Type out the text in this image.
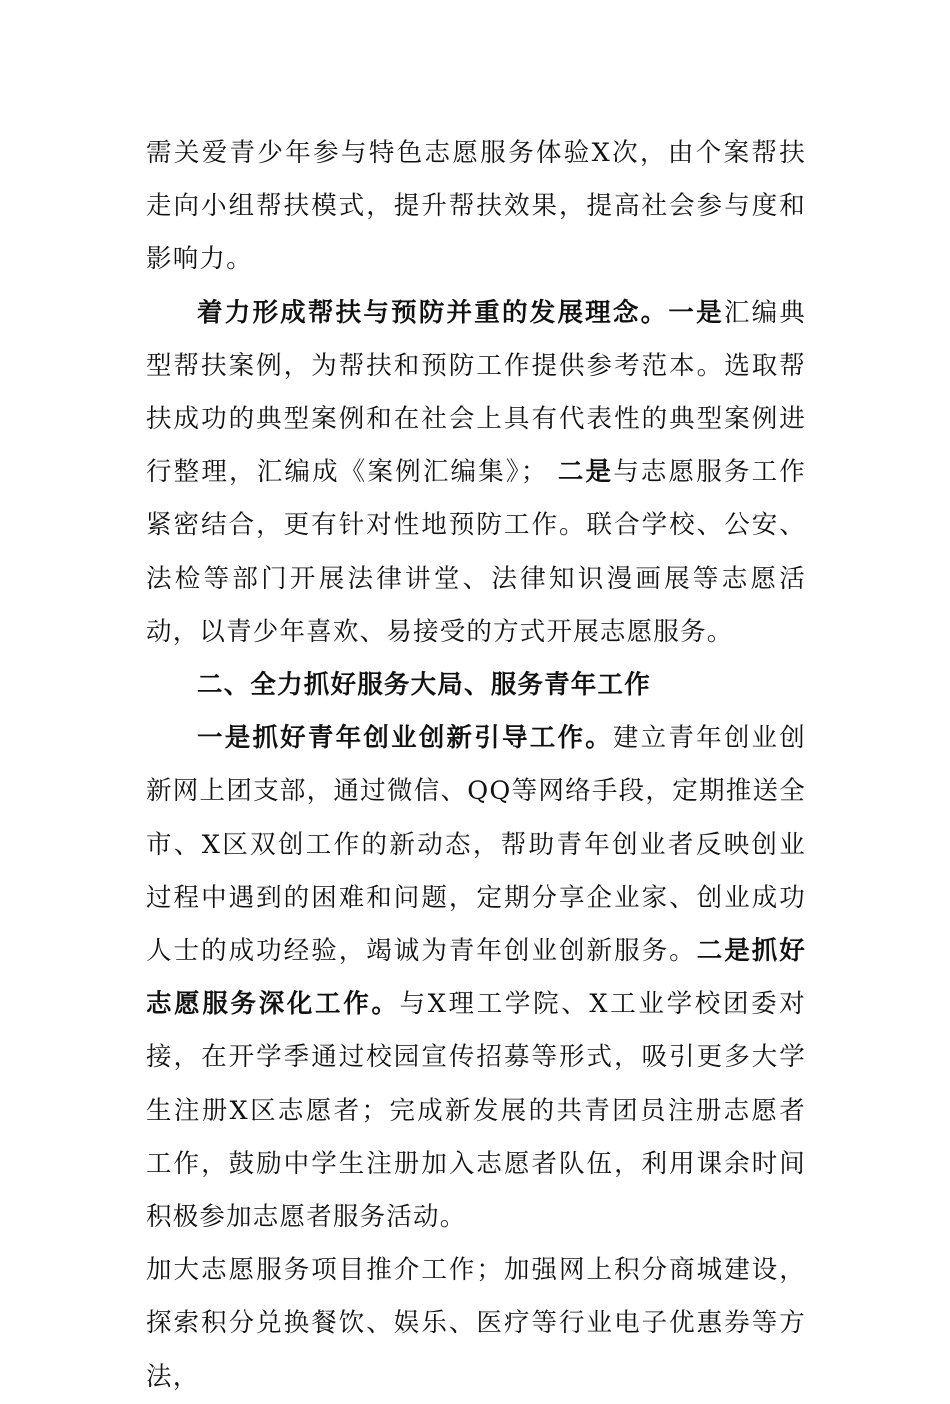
需关爱青少年参与特色志愿服务体验X次，由个案帮扶走向小组帮扶模式，提升帮扶效果，提高社会参与度和影响力。

着力形成帮扶与预防并重的发展理念。一是汇编典型帮扶案例，为帮扶和预防工作提供参考范本。选取帮扶成功的典型案例和在社会上具有代表性的典型案例进行整理，汇编成《案例汇编集》； 二是与志愿服务工作紧密结合，更有针对性地预防工作。联合学校、公安、法检等部门开展法律讲堂、法律知识漫画展等志愿活动，以青少年喜欢、易接受的方式开展志愿服务。

二、全力抓好服务大局、服务青年工作

一是抓好青年创业创新引导工作。建立青年创业创新网上团支部，通过微信、QQ等网络手段，定期推送全市、X区双创工作的新动态，帮助青年创业者反映创业过程中遇到的困难和问题，定期分享企业家、创业成功人士的成功经验，竭诚为青年创业创新服务。二是抓好志愿服务深化工作。与X理工学院、X工业学校团委对接，在开学季通过校园宣传招募等形式，吸引更多大学生注册X区志愿者；完成新发展的共青团员注册志愿者工作，鼓励中学生注册加入志愿者队伍，利用课余时间积极参加志愿者服务活动。

加大志愿服务项目推介工作；加强网上积分商城建设，探索积分兑换餐饮、娱乐、医疗等行业电子优惠券等方法，
